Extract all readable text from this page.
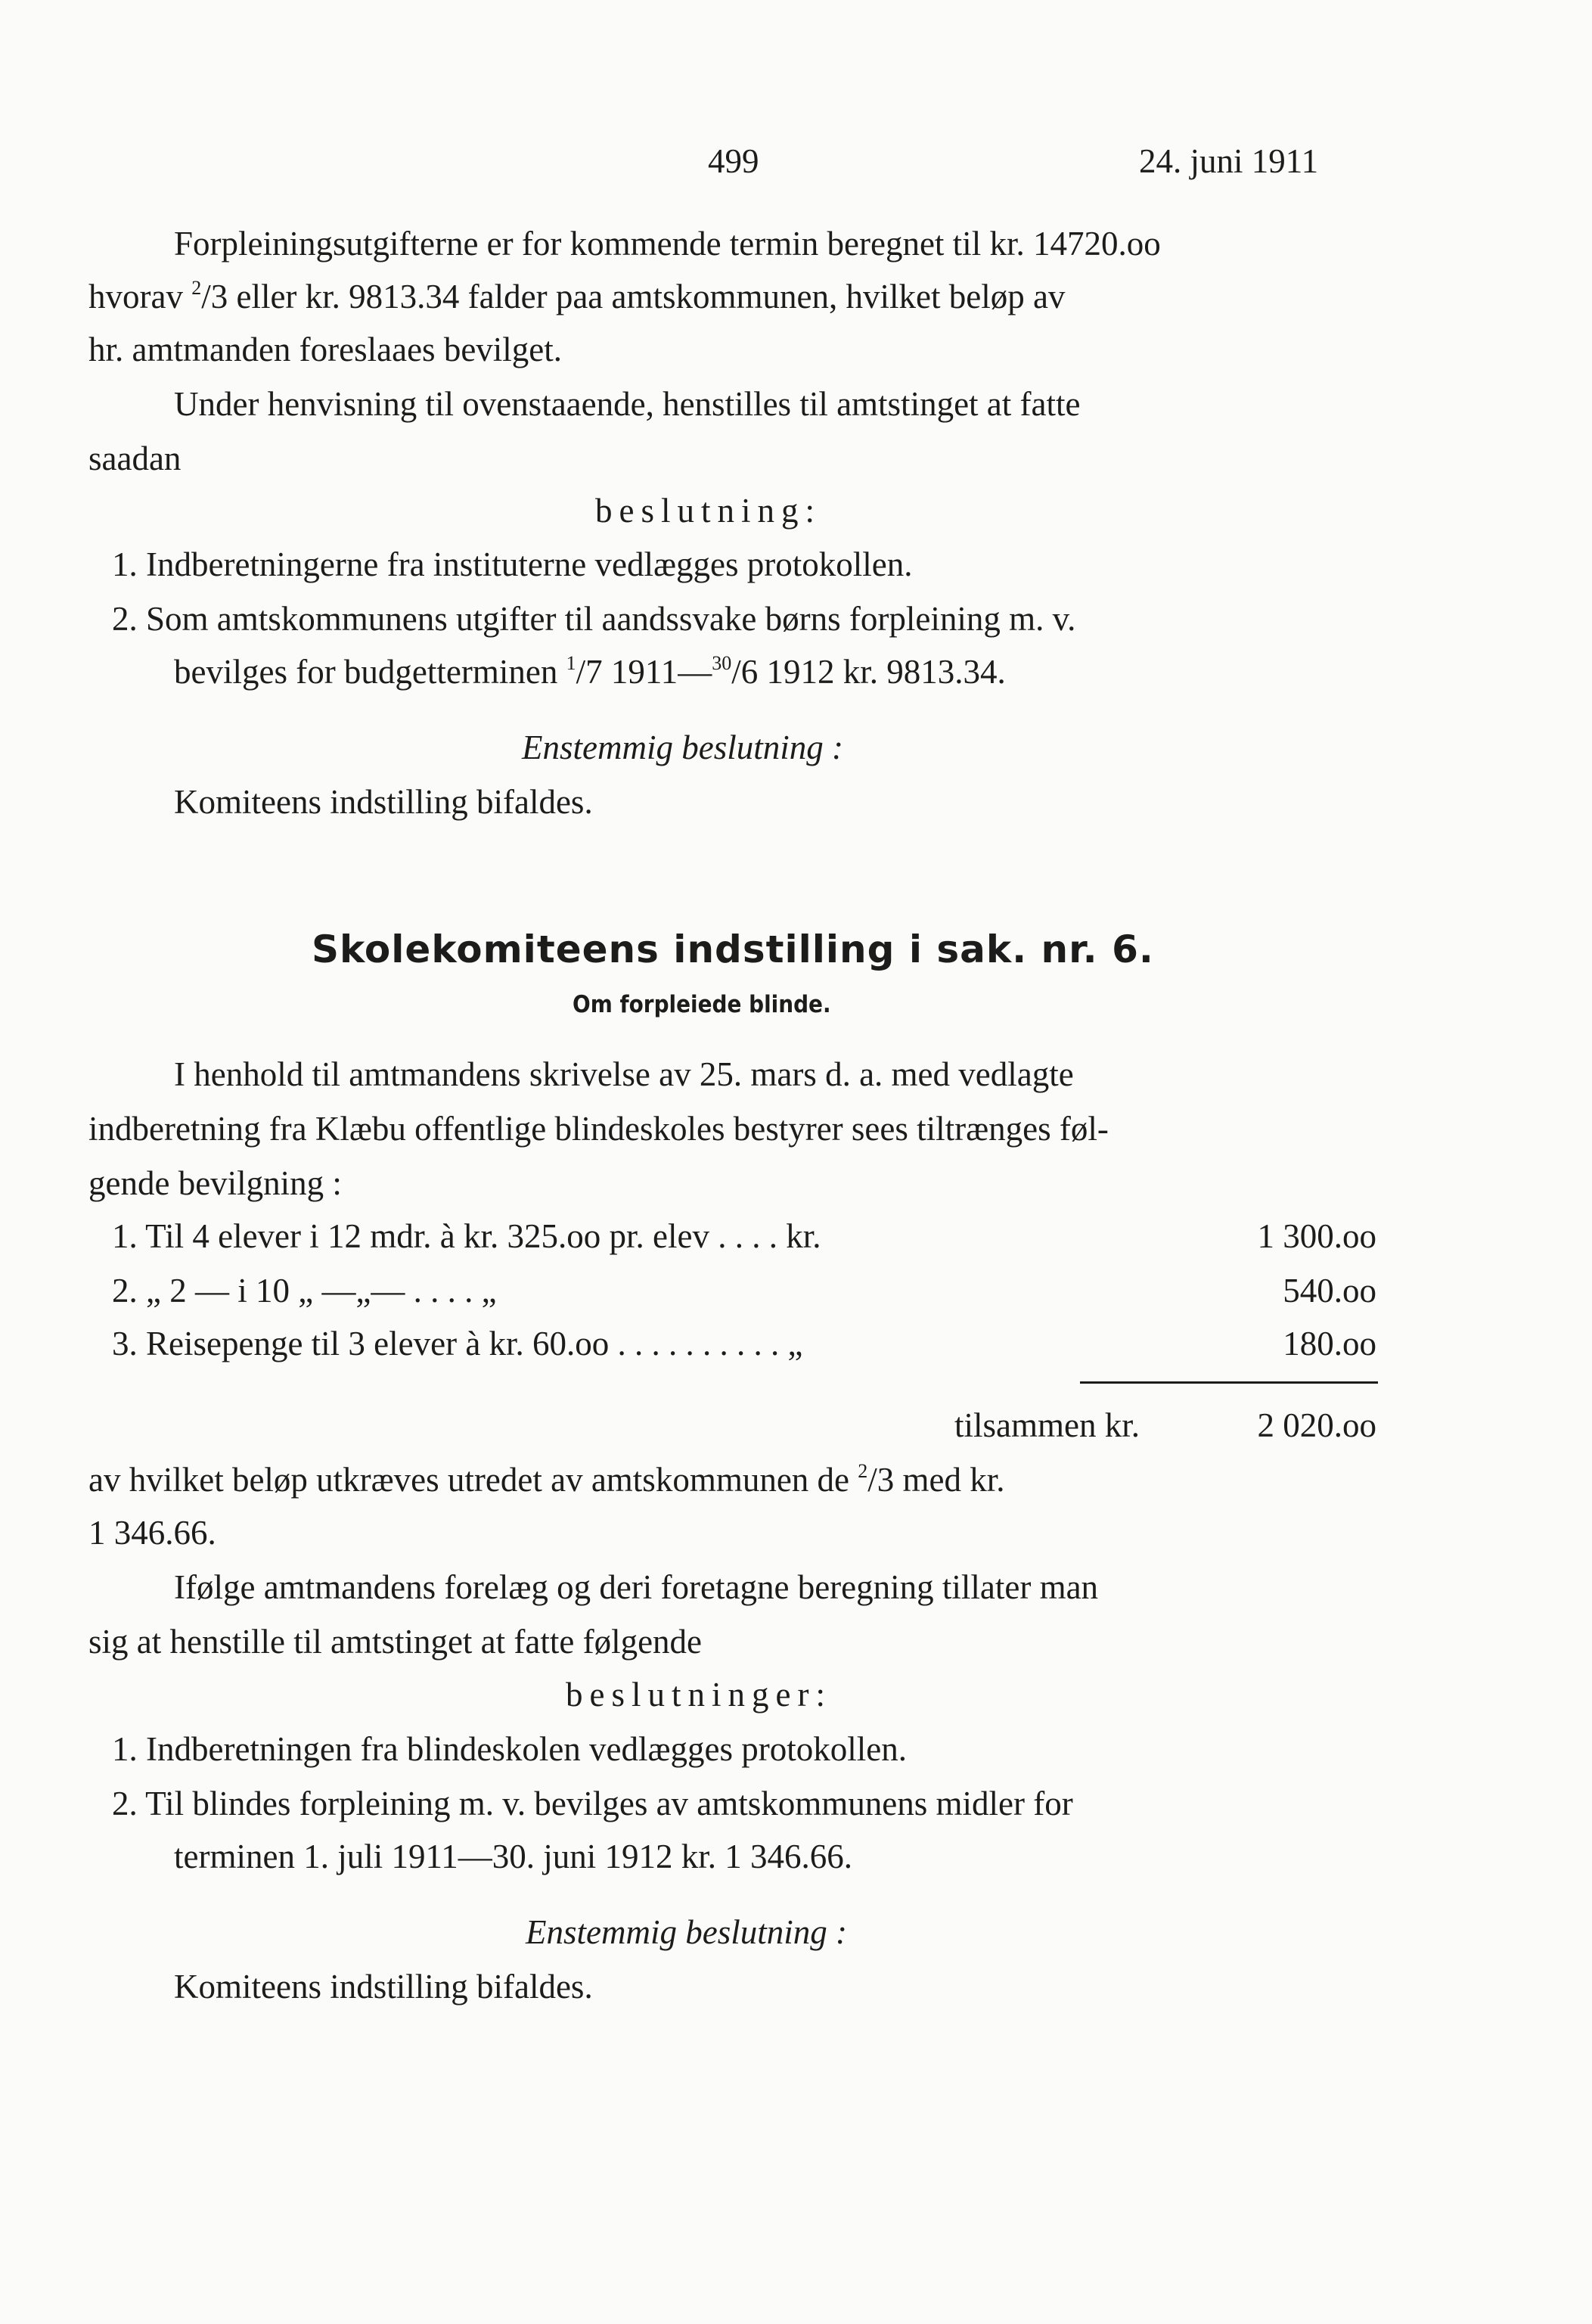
499	24. juni 1911
Forpleiningsutgifterne er for kommende termin beregnet til kr. 14720.oo
hvorav $^2$/3 eller kr. 9813.34 falder paa amtskommunen, hvilket beløp av
hr. amtmanden foreslaaes bevilget.
Under henvisning til ovenstaaende, henstilles til amtstinget at fatte
saadan
beslutning:
1. Indberetningerne fra instituterne vedlægges protokollen.
2. Som amtskommunens utgifter til aandssvake børns forpleining m. v.
bevilges for budgetterminen $^1$/7 1911—$^{30}$/6 1912 kr. 9813.34.
Enstemmig beslutning :
Komiteens indstilling bifaldes.
Skolekomiteens indstilling i sak. nr. 6.
Om forpleiede blinde.
I henhold til amtmandens skrivelse av 25. mars d. a. med vedlagte
indberetning fra Klæbu offentlige blindeskoles bestyrer sees tiltrænges føl-
gende bevilgning :
1. Til 4 elever i 12 mdr. à kr. 325.oo pr. elev . . . . kr.	1 300.oo
2. „ 2 — i 10 „ —„— . . . . „	540.oo
3. Reisepenge til 3 elever à kr. 60.oo . . . . . . . . . . „	180.oo
tilsammen kr.	2 020.oo
av hvilket beløp utkræves utredet av amtskommunen de $^2$/3 med kr.
1 346.66.
Ifølge amtmandens forelæg og deri foretagne beregning tillater man
sig at henstille til amtstinget at fatte følgende
beslutninger:
1. Indberetningen fra blindeskolen vedlægges protokollen.
2. Til blindes forpleining m. v. bevilges av amtskommunens midler for
terminen 1. juli 1911—30. juni 1912 kr. 1 346.66.
Enstemmig beslutning :
Komiteens indstilling bifaldes.
